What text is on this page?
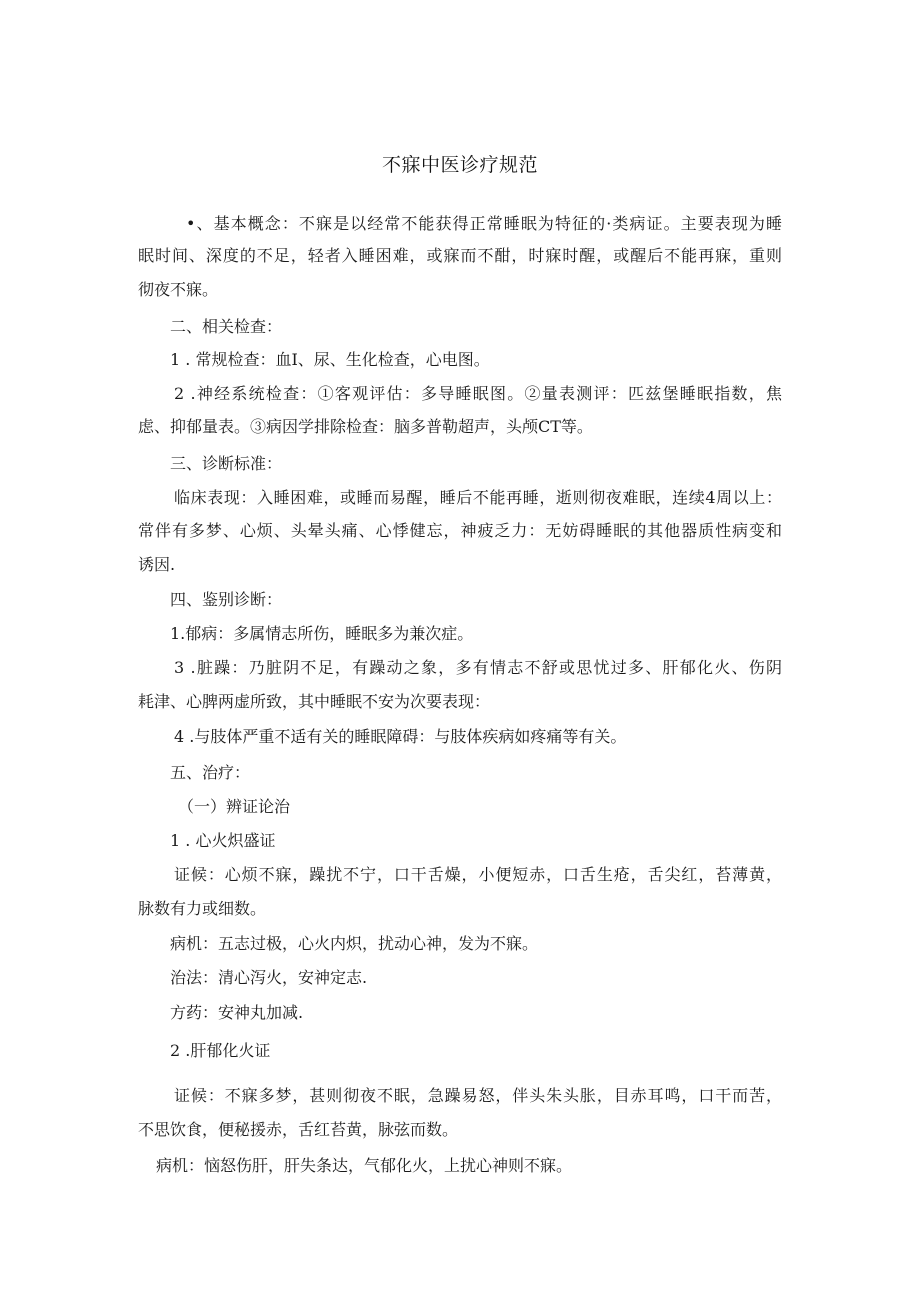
不寐中医诊疗规范
•、基本概念：不寐是以经常不能获得正常睡眠为特征的·类病证。主要表现为睡
眠时间、深度的不足，轻者入睡困难，或寐而不酣，时寐时醒，或醒后不能再寐，重则
彻夜不寐。
二、相关检查：
1 . 常规检查：血I、尿、生化检查，心电图。
2 .神经系统检查：①客观评估：多导睡眠图。②量表测评：匹兹堡睡眠指数，焦
虑、抑郁量表。③病因学排除检查：脑多普勒超声，头颅CT等。
三、诊断标准：
临床表现：入睡困难，或睡而易醒，睡后不能再睡，逝则彻夜难眠，连续4周以上：
常伴有多梦、心烦、头晕头痛、心悸健忘，神疲乏力：无妨碍睡眠的其他器质性病变和
诱因.
四、鉴别诊断：
1.郁病：多属情志所伤，睡眠多为兼次症。
3 .脏躁：乃脏阴不足，有躁动之象，多有情志不舒或思忧过多、肝郁化火、伤阴
耗津、心脾两虚所致，其中睡眠不安为次要表现：
4 .与肢体严重不适有关的睡眠障碍：与肢体疾病如疼痛等有关。
五、治疗：
（一）辨证论治
1 . 心火炽盛证
证候：心烦不寐，躁扰不宁，口干舌燥，小便短赤，口舌生疮，舌尖红，苔薄黄，
脉数有力或细数。
病机：五志过极，心火内炽，扰动心神，发为不寐。
治法：清心泻火，安神定志.
方药：安神丸加减.
2 .肝郁化火证
证候：不寐多梦，甚则彻夜不眠，急躁易怒，伴头朱头胀，目赤耳鸣，口干而苦，
不思饮食，便秘援赤，舌红苔黄，脉弦而数。
病机：恼怒伤肝，肝失条达，气郁化火，上扰心神则不寐。
